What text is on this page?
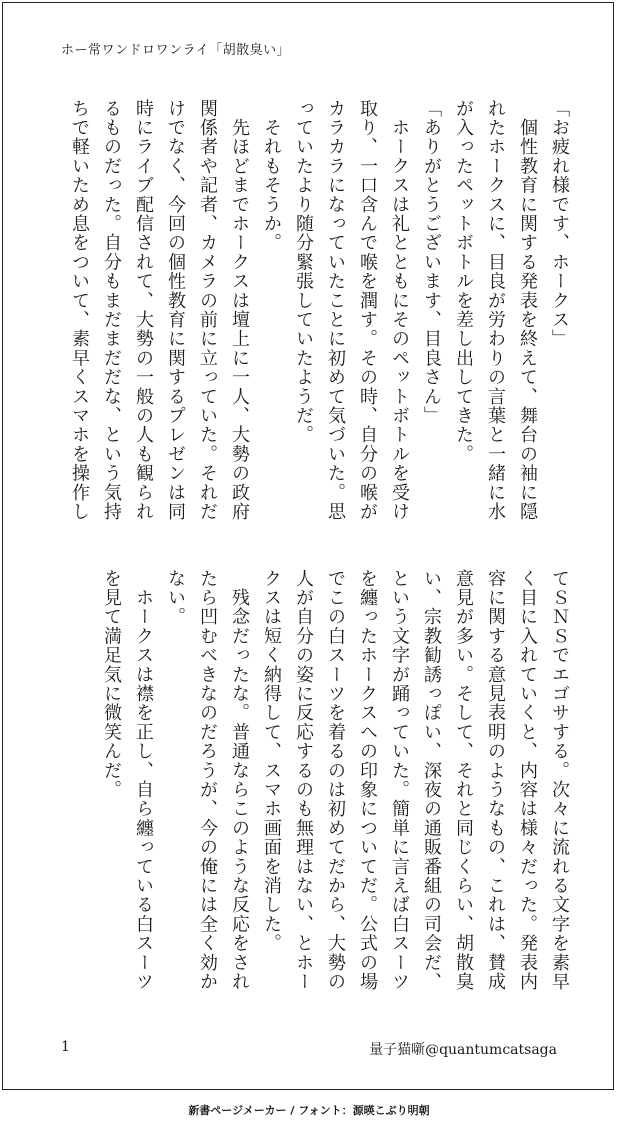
ホー常ワンドロワンライ「胡散臭い」

「お疲れ様です、ホークス」

　個性教育に関する発表を終えて、舞台の袖に隠れたホークスに、目良が労わりの言葉と一緒に水が入ったペットボトルを差し出してきた。

「ありがとうございます、目良さん」

　ホークスは礼とともにそのペットボトルを受け取り、一口含んで喉を潤す。その時、自分の喉がカラカラになっていたことに初めて気づいた。思っていたより随分緊張していたようだ。

　それもそうか。

　先ほどまでホークスは壇上に一人、大勢の政府関係者や記者、カメラの前に立っていた。それだけでなく、今回の個性教育に関するプレゼンは同時にライブ配信されて、大勢の一般の人も観られるものだった。自分もまだまだだな、という気持ちで軽いため息をついて、素早くスマホを操作し

てＳＮＳでエゴサする。次々に流れる文字を素早く目に入れていくと、内容は様々だった。発表内容に関する意見表明のようなもの、これは、賛成意見が多い。そして、それと同じくらい、胡散臭い、宗教勧誘っぽい、深夜の通販番組の司会だ、という文字が踊っていた。簡単に言えば白スーツを纏ったホークスへの印象についてだ。公式の場でこの白スーツを着るのは初めてだから、大勢の人が自分の姿に反応するのも無理はない、とホークスは短く納得して、スマホ画面を消した。

　残念だったな。普通ならこのような反応をされたら凹むべきなのだろうが、今の俺には全く効かない。

　ホークスは襟を正し、自ら纏っている白スーツを見て満足気に微笑んだ。

1	量子猫噺@quantumcatsaga
新書ページメーカー / フォント：源暎こぶり明朝
